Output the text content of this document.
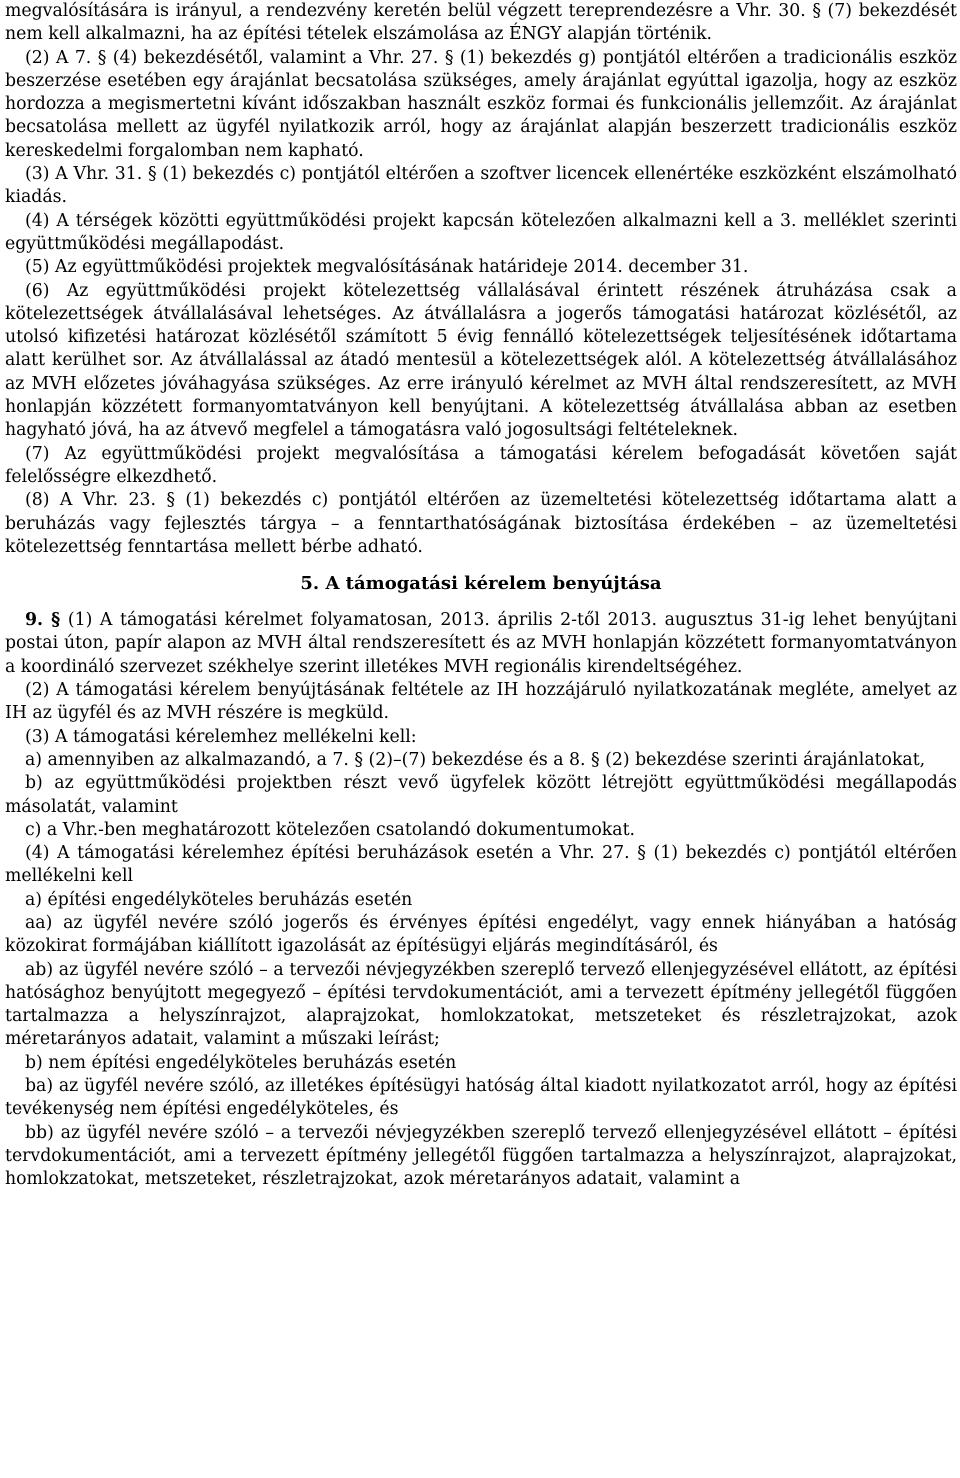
megvalósítására is irányul, a rendezvény keretén belül végzett tereprendezésre a Vhr. 30. § (7) bekezdését nem kell alkalmazni, ha az építési tételek elszámolása az ÉNGY alapján történik.

(2) A 7. § (4) bekezdésétől, valamint a Vhr. 27. § (1) bekezdés g) pontjától eltérően a tradicionális eszköz beszerzése esetében egy árajánlat becsatolása szükséges, amely árajánlat egyúttal igazolja, hogy az eszköz hordozza a megismertetni kívánt időszakban használt eszköz formai és funkcionális jellemzőit. Az árajánlat becsatolása mellett az ügyfél nyilatkozik arról, hogy az árajánlat alapján beszerzett tradicionális eszköz kereskedelmi forgalomban nem kapható.

(3) A Vhr. 31. § (1) bekezdés c) pontjától eltérően a szoftver licencek ellenértéke eszközként elszámolható kiadás.

(4) A térségek közötti együttműködési projekt kapcsán kötelezően alkalmazni kell a 3. melléklet szerinti együttműködési megállapodást.

(5) Az együttműködési projektek megvalósításának határideje 2014. december 31.

(6) Az együttműködési projekt kötelezettség vállalásával érintett részének átruházása csak a kötelezettségek átvállalásával lehetséges. Az átvállalásra a jogerős támogatási határozat közlésétől, az utolsó kifizetési határozat közlésétől számított 5 évig fennálló kötelezettségek teljesítésének időtartama alatt kerülhet sor. Az átvállalással az átadó mentesül a kötelezettségek alól. A kötelezettség átvállalásához az MVH előzetes jóváhagyása szükséges. Az erre irányuló kérelmet az MVH által rendszeresített, az MVH honlapján közzétett formanyomtatványon kell benyújtani. A kötelezettség átvállalása abban az esetben hagyható jóvá, ha az átvevő megfelel a támogatásra való jogosultsági feltételeknek.

(7) Az együttműködési projekt megvalósítása a támogatási kérelem befogadását követően saját felelősségre elkezdhető.

(8) A Vhr. 23. § (1) bekezdés c) pontjától eltérően az üzemeltetési kötelezettség időtartama alatt a beruházás vagy fejlesztés tárgya – a fenntarthatóságának biztosítása érdekében – az üzemeltetési kötelezettség fenntartása mellett bérbe adható.

5. A támogatási kérelem benyújtása

9. § (1) A támogatási kérelmet folyamatosan, 2013. április 2-től 2013. augusztus 31-ig lehet benyújtani postai úton, papír alapon az MVH által rendszeresített és az MVH honlapján közzétett formanyomtatványon a koordináló szervezet székhelye szerint illetékes MVH regionális kirendeltségéhez.

(2) A támogatási kérelem benyújtásának feltétele az IH hozzájáruló nyilatkozatának megléte, amelyet az IH az ügyfél és az MVH részére is megküld.

(3) A támogatási kérelemhez mellékelni kell:

a) amennyiben az alkalmazandó, a 7. § (2)–(7) bekezdése és a 8. § (2) bekezdése szerinti árajánlatokat,

b) az együttműködési projektben részt vevő ügyfelek között létrejött együttműködési megállapodás másolatát, valamint

c) a Vhr.-ben meghatározott kötelezően csatolandó dokumentumokat.

(4) A támogatási kérelemhez építési beruházások esetén a Vhr. 27. § (1) bekezdés c) pontjától eltérően mellékelni kell

a) építési engedélyköteles beruházás esetén

aa) az ügyfél nevére szóló jogerős és érvényes építési engedélyt, vagy ennek hiányában a hatóság közokirat formájában kiállított igazolását az építésügyi eljárás megindításáról, és

ab) az ügyfél nevére szóló – a tervezői névjegyzékben szereplő tervező ellenjegyzésével ellátott, az építési hatósághoz benyújtott megegyező – építési tervdokumentációt, ami a tervezett építmény jellegétől függően tartalmazza a helyszínrajzot, alaprajzokat, homlokzatokat, metszeteket és részletrajzokat, azok méretarányos adatait, valamint a műszaki leírást;

b) nem építési engedélyköteles beruházás esetén

ba) az ügyfél nevére szóló, az illetékes építésügyi hatóság által kiadott nyilatkozatot arról, hogy az építési tevékenység nem építési engedélyköteles, és

bb) az ügyfél nevére szóló – a tervezői névjegyzékben szereplő tervező ellenjegyzésével ellátott – építési tervdokumentációt, ami a tervezett építmény jellegétől függően tartalmazza a helyszínrajzot, alaprajzokat, homlokzatokat, metszeteket, részletrajzokat, azok méretarányos adatait, valamint a
